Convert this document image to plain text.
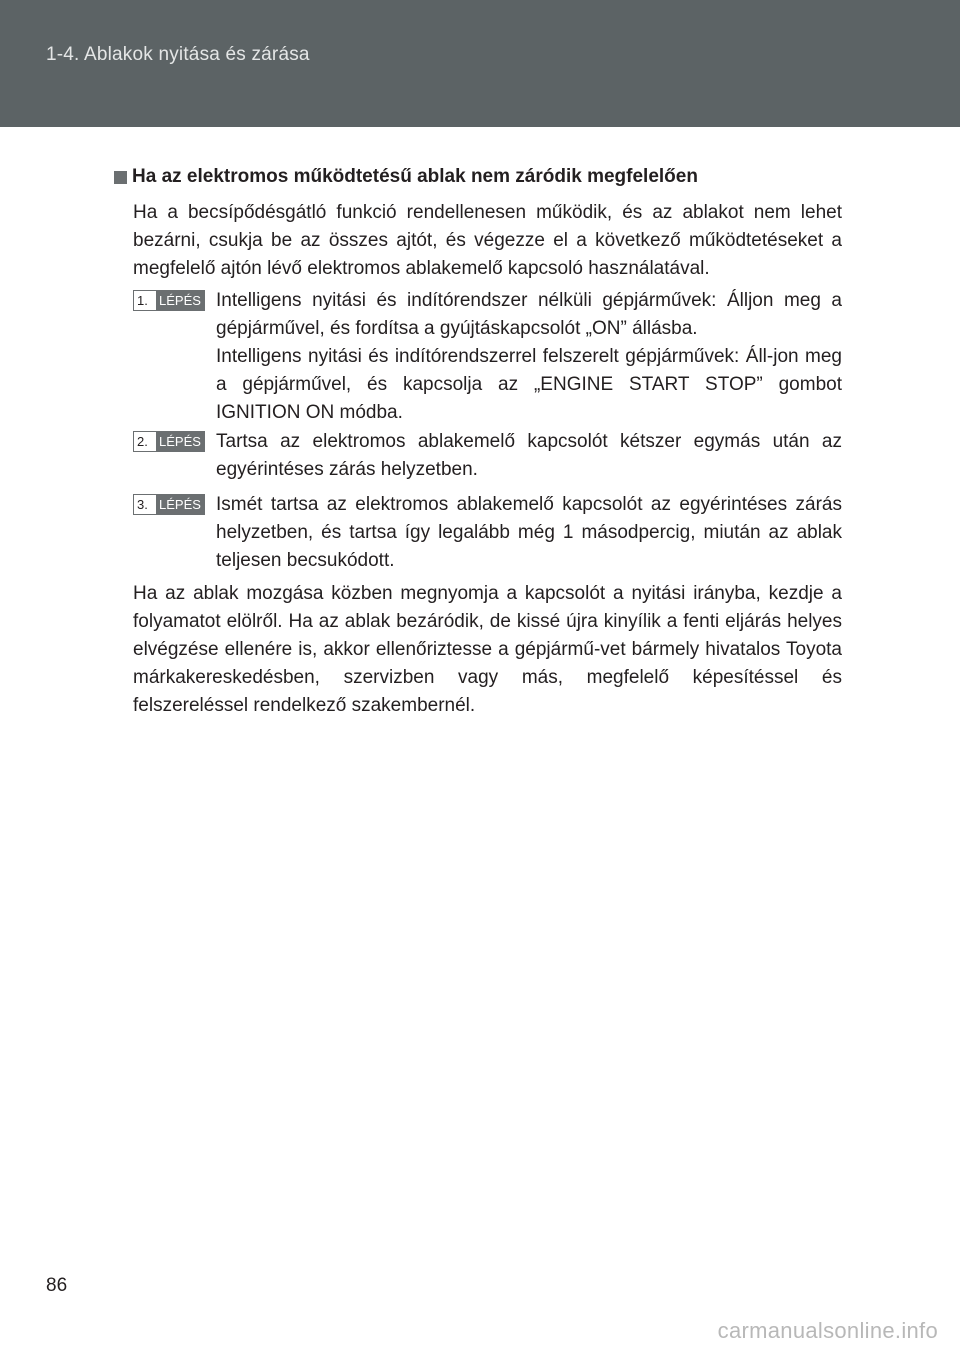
1-4. Ablakok nyitása és zárása
Ha az elektromos működtetésű ablak nem záródik megfelelően
Ha a becsípődésgátló funkció rendellenesen működik, és az ablakot nem lehet bezárni, csukja be az összes ajtót, és végezze el a következő működtetéseket a megfelelő ajtón lévő elektromos ablakemelő kapcsoló használatával.
1. LÉPÉS Intelligens nyitási és indítórendszer nélküli gépjárművek: Álljon meg a gépjárművel, és fordítsa a gyújtáskapcsolót „ON” állásba.
Intelligens nyitási és indítórendszerrel felszerelt gépjárművek: Áll-jon meg a gépjárművel, és kapcsolja az „ENGINE START STOP” gombot IGNITION ON módba.
2. LÉPÉS Tartsa az elektromos ablakemelő kapcsolót kétszer egymás után az egyérintéses zárás helyzetben.
3. LÉPÉS Ismét tartsa az elektromos ablakemelő kapcsolót az egyérintéses zárás helyzetben, és tartsa így legalább még 1 másodpercig, miután az ablak teljesen becsukódott.
Ha az ablak mozgása közben megnyomja a kapcsolót a nyitási irányba, kezdje a folyamatot elölről. Ha az ablak bezáródik, de kissé újra kinyílik a fenti eljárás helyes elvégzése ellenére is, akkor ellenőriztesse a gépjármű-vet bármely hivatalos Toyota márkakereskedésben, szervizben vagy más, megfelelő képesítéssel és felszereléssel rendelkező szakembernél.
86
carmanualsonline.info
